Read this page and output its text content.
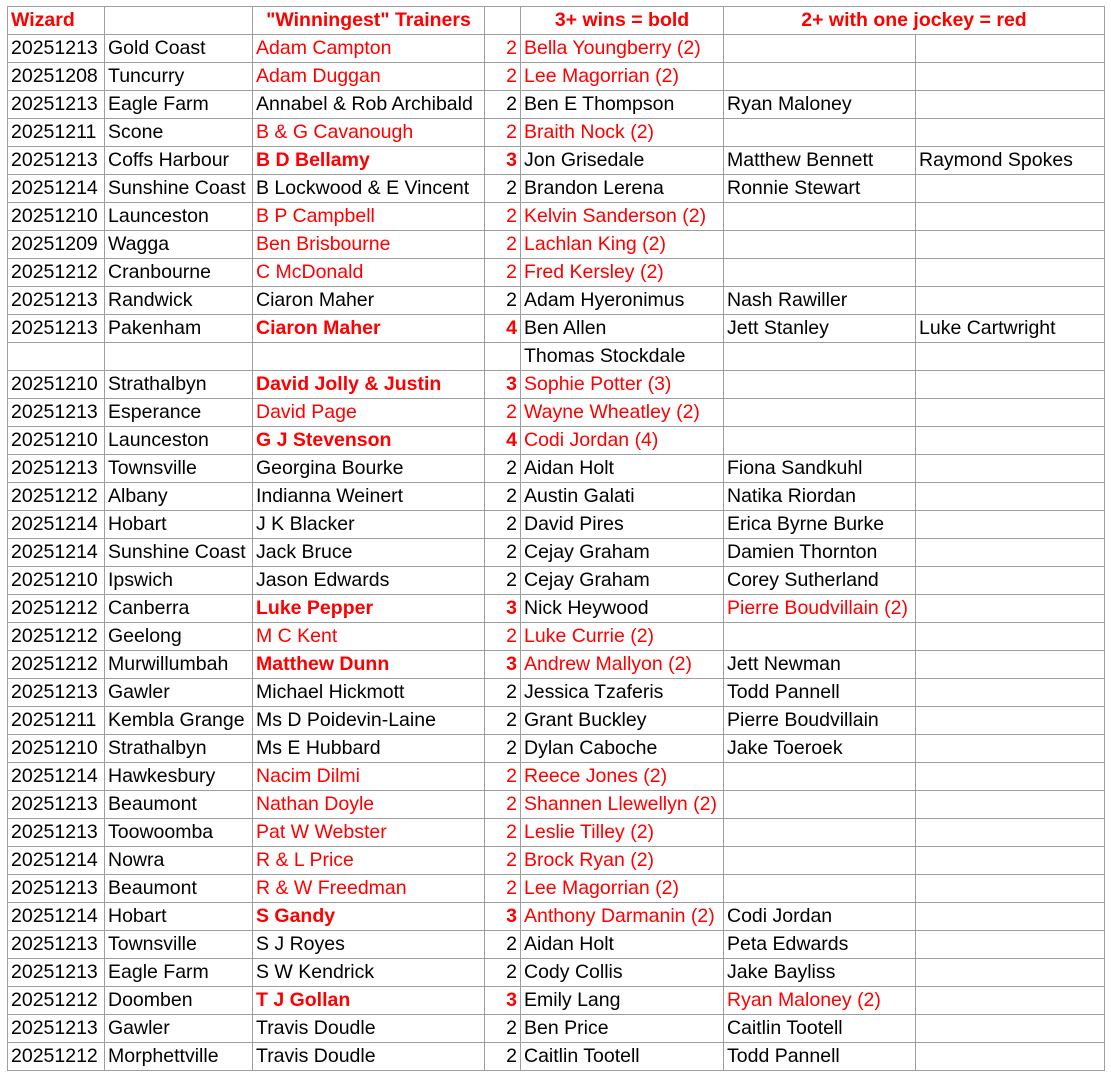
Wizard		"Winningest" Trainers		3+ wins = bold	2+ with one jockey = red	
20251213	Gold Coast	Adam Campton	2	Bella Youngberry (2)		
20251208	Tuncurry	Adam Duggan	2	Lee Magorrian (2)		
20251213	Eagle Farm	Annabel & Rob Archibald	2	Ben E Thompson	Ryan Maloney	
20251211	Scone	B & G Cavanough	2	Braith Nock (2)		
20251213	Coffs Harbour	B D Bellamy	3	Jon Grisedale	Matthew Bennett	Raymond Spokes
20251214	Sunshine Coast	B Lockwood & E Vincent	2	Brandon Lerena	Ronnie Stewart	
20251210	Launceston	B P Campbell	2	Kelvin Sanderson (2)		
20251209	Wagga	Ben Brisbourne	2	Lachlan King (2)		
20251212	Cranbourne	C McDonald	2	Fred Kersley (2)		
20251213	Randwick	Ciaron Maher	2	Adam Hyeronimus	Nash Rawiller	
20251213	Pakenham	Ciaron Maher	4	Ben Allen	Jett Stanley	Luke Cartwright
				Thomas Stockdale		
20251210	Strathalbyn	David Jolly & Justin	3	Sophie Potter (3)		
20251213	Esperance	David Page	2	Wayne Wheatley (2)		
20251210	Launceston	G J Stevenson	4	Codi Jordan (4)		
20251213	Townsville	Georgina Bourke	2	Aidan Holt	Fiona Sandkuhl	
20251212	Albany	Indianna Weinert	2	Austin Galati	Natika Riordan	
20251214	Hobart	J K Blacker	2	David Pires	Erica Byrne Burke	
20251214	Sunshine Coast	Jack Bruce	2	Cejay Graham	Damien Thornton	
20251210	Ipswich	Jason Edwards	2	Cejay Graham	Corey Sutherland	
20251212	Canberra	Luke Pepper	3	Nick Heywood	Pierre Boudvillain (2)	
20251212	Geelong	M C Kent	2	Luke Currie (2)		
20251212	Murwillumbah	Matthew Dunn	3	Andrew Mallyon (2)	Jett Newman	
20251213	Gawler	Michael Hickmott	2	Jessica Tzaferis	Todd Pannell	
20251211	Kembla Grange	Ms D Poidevin-Laine	2	Grant Buckley	Pierre Boudvillain	
20251210	Strathalbyn	Ms E Hubbard	2	Dylan Caboche	Jake Toeroek	
20251214	Hawkesbury	Nacim Dilmi	2	Reece Jones (2)		
20251213	Beaumont	Nathan Doyle	2	Shannen Llewellyn (2)		
20251213	Toowoomba	Pat W Webster	2	Leslie Tilley (2)		
20251214	Nowra	R & L Price	2	Brock Ryan (2)		
20251213	Beaumont	R & W Freedman	2	Lee Magorrian (2)		
20251214	Hobart	S Gandy	3	Anthony Darmanin (2)	Codi Jordan	
20251213	Townsville	S J Royes	2	Aidan Holt	Peta Edwards	
20251213	Eagle Farm	S W Kendrick	2	Cody Collis	Jake Bayliss	
20251212	Doomben	T J Gollan	3	Emily Lang	Ryan Maloney (2)	
20251213	Gawler	Travis Doudle	2	Ben Price	Caitlin Tootell	
20251212	Morphettville	Travis Doudle	2	Caitlin Tootell	Todd Pannell	
